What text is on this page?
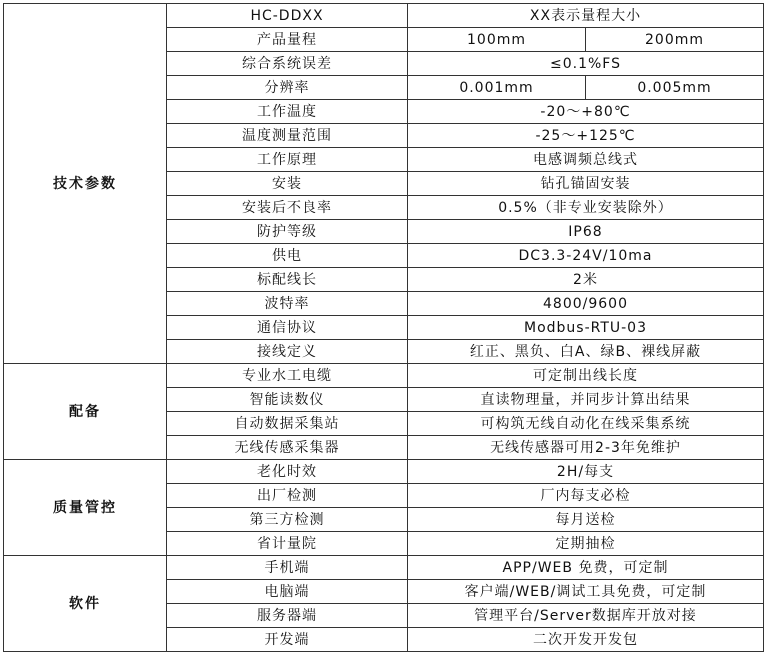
技术参数	HC-DDXX	XX表示量程大小	
	产品量程	100mm	200mm
	综合系统误差	≤0.1%FS	
	分辨率	0.001mm	0.005mm
	工作温度	-20～+80℃	
	温度测量范围	-25～+125℃	
	工作原理	电感调频总线式	
	安装	钻孔锚固安装	
	安装后不良率	0.5%（非专业安装除外）	
	防护等级	IP68	
	供电	DC3.3-24V/10ma	
	标配线长	2米	
	波特率	4800/9600	
	通信协议	Modbus-RTU-03	
	接线定义	红正、黑负、白A、绿B、裸线屏蔽	
配备	专业水工电缆	可定制出线长度	
	智能读数仪	直读物理量，并同步计算出结果	
	自动数据采集站	可构筑无线自动化在线采集系统	
	无线传感采集器	无线传感器可用2-3年免维护	
质量管控	老化时效	2H/每支	
	出厂检测	厂内每支必检	
	第三方检测	每月送检	
	省计量院	定期抽检	
软件	手机端	APP/WEB 免费，可定制	
	电脑端	客户端/WEB/调试工具免费，可定制	
	服务器端	管理平台/Server数据库开放对接	
	开发端	二次开发开发包	
